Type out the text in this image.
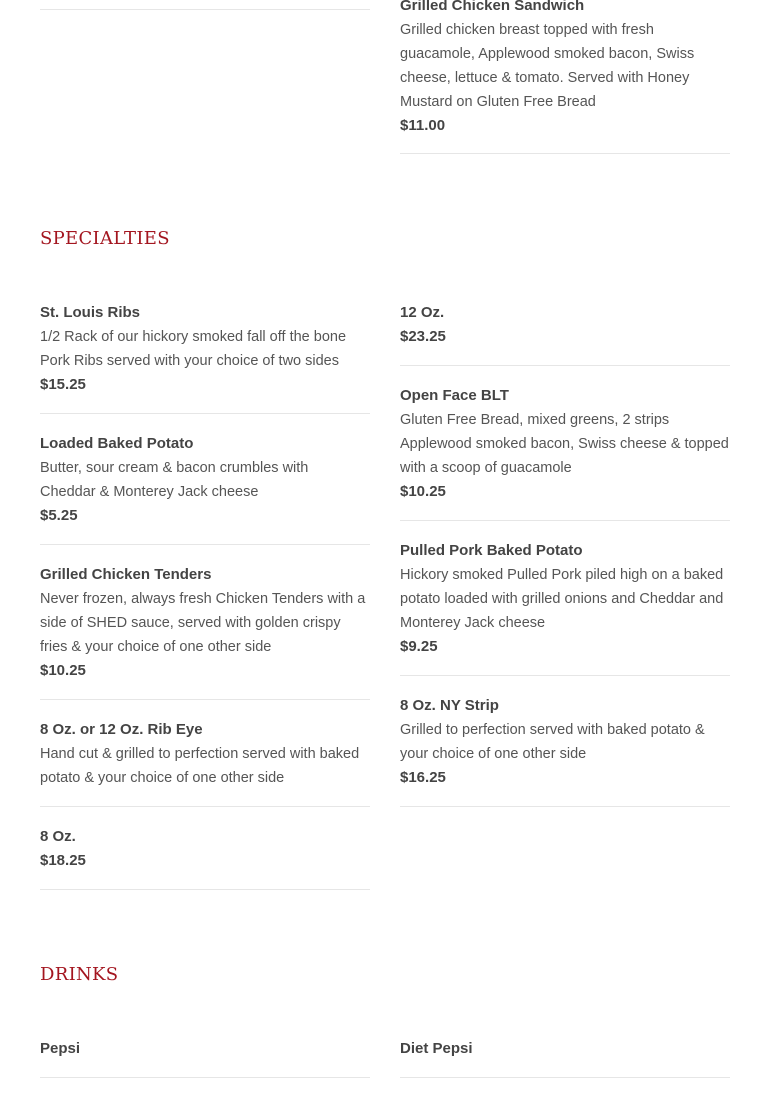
Grilled Chicken Sandwich
Grilled chicken breast topped with fresh guacamole, Applewood smoked bacon, Swiss cheese, lettuce & tomato. Served with Honey Mustard on Gluten Free Bread
$11.00
SPECIALTIES
St. Louis Ribs
1/2 Rack of our hickory smoked fall off the bone Pork Ribs served with your choice of two sides
$15.25
Loaded Baked Potato
Butter, sour cream & bacon crumbles with Cheddar & Monterey Jack cheese
$5.25
Grilled Chicken Tenders
Never frozen, always fresh Chicken Tenders with a side of SHED sauce, served with golden crispy fries & your choice of one other side
$10.25
8 Oz. or 12 Oz. Rib Eye
Hand cut & grilled to perfection served with baked potato & your choice of one other side
8 Oz.
$18.25
12 Oz.
$23.25
Open Face BLT
Gluten Free Bread, mixed greens, 2 strips Applewood smoked bacon, Swiss cheese & topped with a scoop of guacamole
$10.25
Pulled Pork Baked Potato
Hickory smoked Pulled Pork piled high on a baked potato loaded with grilled onions and Cheddar and Monterey Jack cheese
$9.25
8 Oz. NY Strip
Grilled to perfection served with baked potato & your choice of one other side
$16.25
DRINKS
Pepsi	Diet Pepsi
